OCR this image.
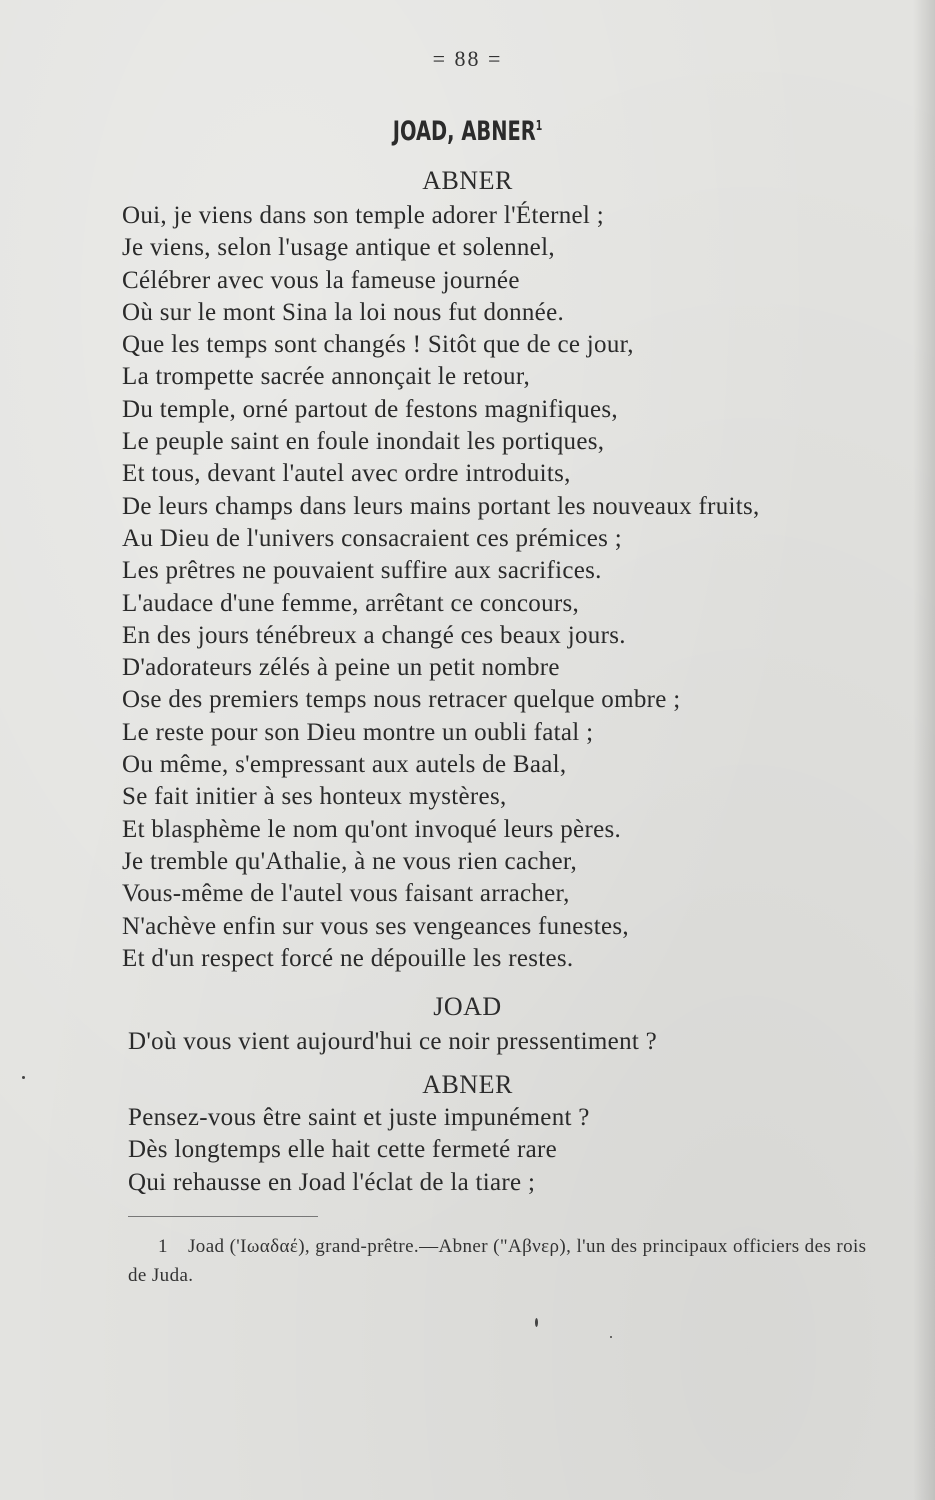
= 88 =
JOAD, ABNER$^1$
ABNER
Oui, je viens dans son temple adorer l'Éternel ;
Je viens, selon l'usage antique et solennel,
Célébrer avec vous la fameuse journée
Où sur le mont Sina la loi nous fut donnée.
Que les temps sont changés ! Sitôt que de ce jour,
La trompette sacrée annonçait le retour,
Du temple, orné partout de festons magnifiques,
Le peuple saint en foule inondait les portiques,
Et tous, devant l'autel avec ordre introduits,
De leurs champs dans leurs mains portant les nouveaux fruits,
Au Dieu de l'univers consacraient ces prémices ;
Les prêtres ne pouvaient suffire aux sacrifices.
L'audace d'une femme, arrêtant ce concours,
En des jours ténébreux a changé ces beaux jours.
D'adorateurs zélés à peine un petit nombre
Ose des premiers temps nous retracer quelque ombre ;
Le reste pour son Dieu montre un oubli fatal ;
Ou même, s'empressant aux autels de Baal,
Se fait initier à ses honteux mystères,
Et blasphème le nom qu'ont invoqué leurs pères.
Je tremble qu'Athalie, à ne vous rien cacher,
Vous-même de l'autel vous faisant arracher,
N'achève enfin sur vous ses vengeances funestes,
Et d'un respect forcé ne dépouille les restes.
JOAD
D'où vous vient aujourd'hui ce noir pressentiment ?
ABNER
Pensez-vous être saint et juste impunément ?
Dès longtemps elle hait cette fermeté rare
Qui rehausse en Joad l'éclat de la tiare ;
1 Joad ('Ιωαδαέ), grand-prêtre.—Abner ("Αβνερ), l'un des principaux officiers des rois de Juda.
